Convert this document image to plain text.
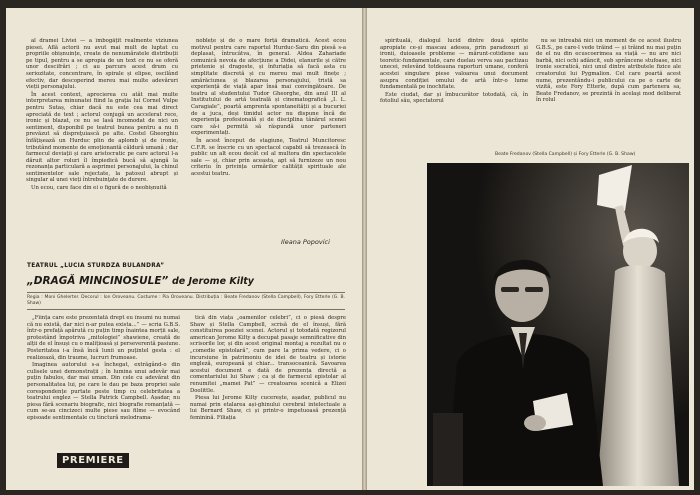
al dramei Liviei — a îmbogățit realmente viziunea piesei. Află actorii nu avut mai mult de luptat cu propriile obișnuințe, create de nenumăratele distribuții pe tipul, pentru a se apropia de un text ce nu se oferă unor descifrări ; ci au parcurs acest drum cu seriozitate, concentrare, în spirale și elipse, oscilând efectiv, dar descoperind mereu mai multe adevăruri vieții personajului.

În acest context, aprecierea cu atât mai multe interpretarea minunatei fiind la grația lui Cornel Vulpe pentru Sutaș, chiar dacă nu este cea mai direct apreciată de text ; actorul conjugă un accelerat rece, ironic și blazat, ce nu se lasă incomodat de nici un sentiment, disponibil pe teatrul bunea pentru a nu fi prevăzut să dispreţuiască pe alte. Costel Gheorghiu înfățișează un Hurduc plin de aplomb și de ironie, tributând momente de emoționantă căldură umană ; dar farmecul deviații și care aristocratic pe care actorul l-a dăruit altor roluri îl împiedică bucă să ajungă la rezonanța particulară a asprimei personajului, la chinul sentimentelor sale rejectate, la patosul abrupt și singular al unei vieți întrebuinţate de durere.

Un ecou, care face din ei o figură de o neobișnuită

noblețe și de o mare forță dramatică. Acest ecou motivul pentru care raportul Hurduc-Saru din piesă s-a deplasat, întrucâtva, în general. Aldea Zahariade comunică nevoia de afecțiune a Didei, elanurile și către prietenie și dragoste, și înfuriația să facă asta cu simplitate discretă și cu mereu mai mult finețe ; amărăciunea și blazarea personajului, tristă sa experiență de viață apar însă mai convingătoare. De teatru al studentului Tudor Gheorghe, din anul III al Institutului de artă teatrală și cinematografică „I. L. Caragiale”, poartă amprenta spontaneității și a bucuriei de a juca, deși timidul actor nu dispune încă de experiența profesională și de disciplina tânărul scenei care să-i permită să răspundă unor parteneri experimentați.

În acest început de stagiune, Teatrul Muncitoresc C.F.R. se înscrie cu un spectacol capabil să trezească în public un alt ecou decât cel al multora din spectacolele sale — și, chiar prin aceasta, apt să furnizeze un nou criteriu în privința urmărilor calității spirituale ale acestui teatru.

Ileana Popovici
TEATRUL „LUCIA STURDZA BULANDRA”
„DRAGĂ MINCINOSULE” de Jerome Kilty
Regia : Moni Ghelerter. Decorul : Ion Oroveanu. Costume : Pia Oroveanu. Distribuția : Beate Fredanov (Stella Campbell), Fory Etterle (G. B. Shaw)

„Ființa care este prezentată drept eu însumi nu numai că nu există, dar nici n-ar putea exista...” — scria G.B.S. într-o prefață apărută cu puțin timp înaintea morții sale, protestând împotriva „mitologiei” shawiene, creată de alții de el însuși cu o malițioasă și perseverentă pasiune. Posteritatea i-a însă încă lunii un puțintel gesta : el realizează, din traume, lucruri frumoase.

Imaginea autorului s-a închegat, extrăgând-o din culisele unei demonstrații ; în lumina unui adevăr mai puțin fabulos, dar mai uman. Din cele cu adevărat din personalitatea lui, pe care le dau pe baza propriei sale corespondențe purtate peste timp cu celebritatea a teatrului englez — Stella Patrick Campbell. Așadar, nu piesa fără scenariu biografic, nici biografie romanțată — cum se-au cincizeci multe piese sau filme — evocând episoade sentimentale cu tinctură melodrama-

tică din viața „oamenilor celebri”, ci o piesă despre Shaw și Stella Campbell, scrisă de el însuși, fără constituirea poeziei scenei. Actorul și totodată regizorul american Jerome Kilty a decupat pasaje semnificative din scrisorile lor, și din acest original montaj a rezultat nu o „comedie epistolară”, cum pare la prima vedere, ci o incursiune în patrimoniu de idei de teatru și istorie engleză, europeană și chiar... transoceanică. Savoarea acestui document e dată de prezența directă a comentariului lui Shaw ; ca și de farmecul epistolar al renumitei „mamei Pat” — creatoarea scenică a Elizei Doolittle.

Piesa lui Jerome Kilty cucerește, așadar, publicul nu numai prin etalarea ași-ghinului cerebral intelectuale a lui Bernard Shaw, ci și printr-o impetuoasă prezență feminină. Filiația

PREMIERE

spiritualã, dialogul lucid dintre două spirite apropiate ce-și mascau adesea, prin paradoxuri și ironii, duioasele probleme — mărunt-cotidiene sau teoretic-fundamentale, care duelau verva sau pactizau unecei, relevând totdeauna raporturi umane, conferă acestei singulare piese valoarea unui document asupra condiției omului de artă într-o lume fundamentală pe inochitate.

Este ciudat, dar și îmbucurător totodată, că, în fotoliul său, spectatorul

nu se întreabă nici un moment de ce acest ilustru G.B.S., pe care-l vede trăind — și trăind nu mai puțin de el nu din ecuscoerimea sa viață — nu are nici barbă, nici ochi adâncit, sub sprâncene stufoase, nici ironie socratică, nici unul dintre atributele fizice ale creatorului lui Pygmalion. Cel care poartă acest nume, prezentându-i publicului ca pe o carte de vizită, este Fory Etterle, după cum partenera sa, Beate Fredanov, se prezintă în acelaşi mod deliberat în rolul

Beate Fredanov (Stella Campbell) și Fory Etterle (G. B. Shaw)
